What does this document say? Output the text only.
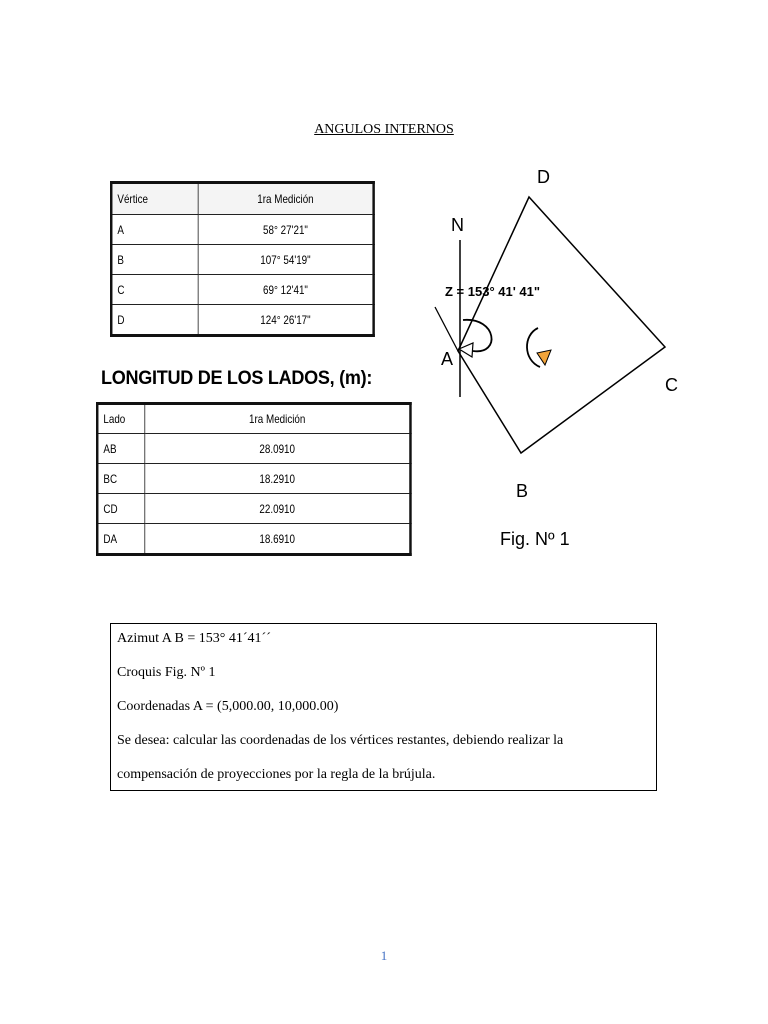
ANGULOS INTERNOS
Vértice	1ra Medición
A	58° 27'21"
B	107° 54'19"
C	69° 12'41"
D	124° 26'17"
LONGITUD DE LOS LADOS, (m):
Lado	1ra Medición
AB	28.0910
BC	18.2910
CD	22.0910
DA	18.6910
N
D
C
A
B
Z = 153° 41' 41"
Fig. Nº 1

Azimut A B = 153° 41´41´´

Croquis Fig. Nº 1

Coordenadas A = (5,000.00, 10,000.00)

Se desea: calcular las coordenadas de los vértices restantes, debiendo realizar la

compensación de proyecciones por la regla de la brújula.

1
